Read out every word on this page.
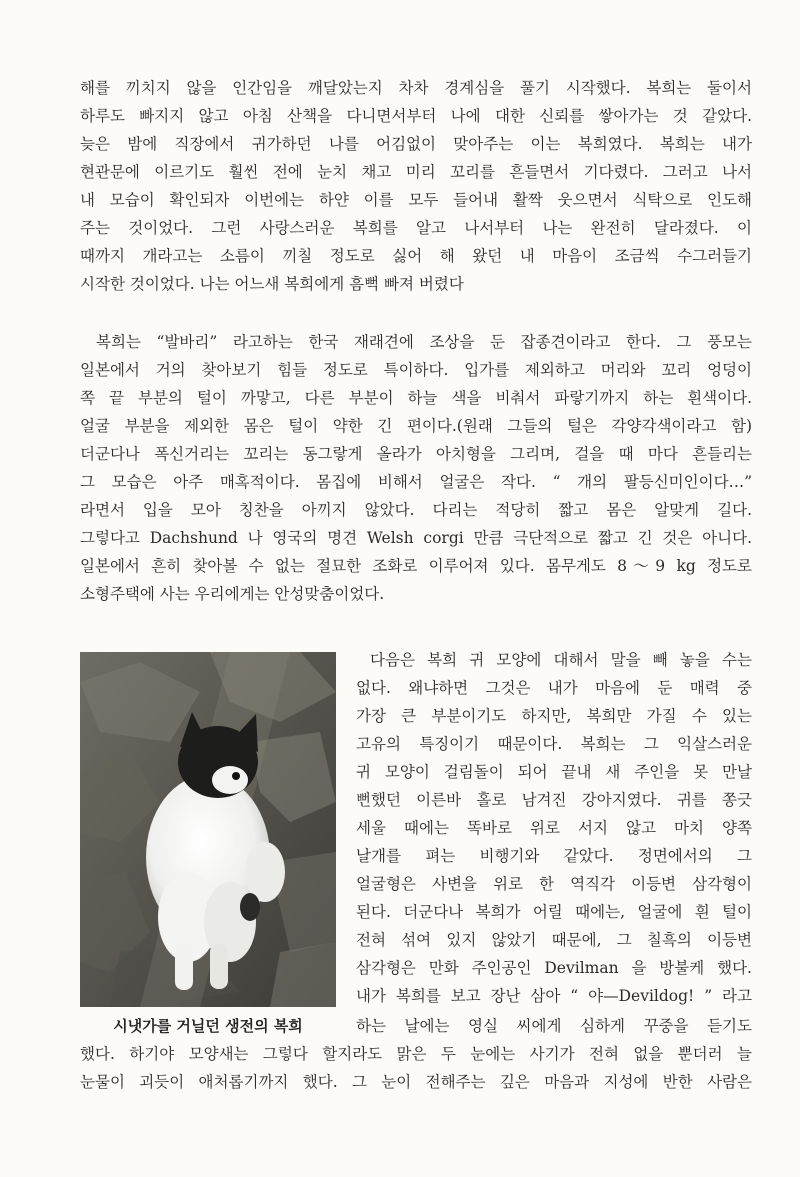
해를 끼치지 않을 인간임을 깨달았는지 차차 경계심을 풀기 시작했다. 복희는 둘이서
하루도 빠지지 않고 아침 산책을 다니면서부터 나에 대한 신뢰를 쌓아가는 것 같았다.
늦은 밤에 직장에서 귀가하던 나를 어김없이 맞아주는 이는 복희였다. 복희는 내가
현관문에 이르기도 훨씬 전에 눈치 채고 미리 꼬리를 흔들면서 기다렸다. 그러고 나서
내 모습이 확인되자 이번에는 하얀 이를 모두 들어내 활짝 웃으면서 식탁으로 인도해
주는 것이었다. 그런 사랑스러운 복희를 알고 나서부터 나는 완전히 달라졌다. 이
때까지 개라고는 소름이 끼칠 정도로 싫어 해 왔던 내 마음이 조금씩 수그러들기
시작한 것이었다. 나는 어느새 복희에게 흠뻑 빠져 버렸다
복희는 “발바리” 라고하는 한국 재래견에 조상을 둔 잡종견이라고 한다. 그 풍모는
일본에서 거의 찾아보기 힘들 정도로 특이하다. 입가를 제외하고 머리와 꼬리 엉덩이
쪽 끝 부분의 털이 까맣고, 다른 부분이 하늘 색을 비춰서 파랗기까지 하는 흰색이다.
얼굴 부분을 제외한 몸은 털이 약한 긴 편이다.(원래 그들의 털은 각양각색이라고 함)
더군다나 폭신거리는 꼬리는 동그랗게 올라가 아치형을 그리며, 걸을 때 마다 흔들리는
그 모습은 아주 매혹적이다. 몸집에 비해서 얼굴은 작다. “ 개의 팔등신미인이다…”
라면서 입을 모아 칭찬을 아끼지 않았다. 다리는 적당히 짧고 몸은 알맞게 길다.
그렇다고 Dachshund 나 영국의 명견 Welsh corgi 만큼 극단적으로 짧고 긴 것은 아니다.
일본에서 흔히 찾아볼 수 없는 절묘한 조화로 이루어져 있다. 몸무게도 8～9 kg 정도로
소형주택에 사는 우리에게는 안성맞춤이었다.
시냇가를 거닐던 생전의 복희
다음은 복희 귀 모양에 대해서 말을 빼 놓을 수는
없다. 왜냐하면 그것은 내가 마음에 둔 매력 중
가장 큰 부분이기도 하지만, 복희만 가질 수 있는
고유의 특징이기 때문이다. 복희는 그 익살스러운
귀 모양이 걸림돌이 되어 끝내 새 주인을 못 만날
뻔했던 이른바 홀로 남겨진 강아지였다. 귀를 쫑긋
세울 때에는 똑바로 위로 서지 않고 마치 양쪽
날개를 펴는 비행기와 같았다. 정면에서의 그
얼굴형은 사변을 위로 한 역직각 이등변 삼각형이
된다. 더군다나 복희가 어릴 때에는, 얼굴에 흰 털이
전혀 섞여 있지 않았기 때문에, 그 칠흑의 이등변
삼각형은 만화 주인공인 Devilman 을 방불케 했다.
내가 복희를 보고 장난 삼아 “ 야—Devildog! ” 라고
하는 날에는 영실 씨에게 심하게 꾸중을 듣기도
했다. 하기야 모양새는 그렇다 할지라도 맑은 두 눈에는 사기가 전혀 없을 뿐더러 늘
눈물이 괴듯이 애처롭기까지 했다. 그 눈이 전해주는 깊은 마음과 지성에 반한 사람은
